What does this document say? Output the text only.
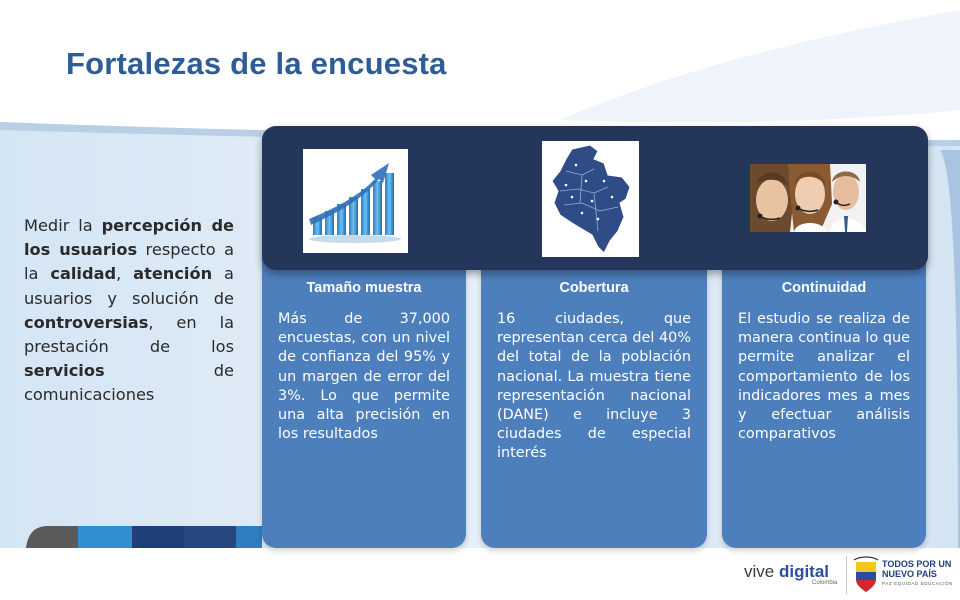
Fortalezas de la encuesta

Medir la percepción de los usuarios respecto a la calidad, atención a usuarios y solución de controversias, en la prestación de los servicios de comunicaciones

Tamaño muestra
Más de 37,000 encuestas, con un nivel de confianza del 95% y un margen de error del 3%. Lo que permite una alta precisión en los resultados
Cobertura
16 ciudades, que representan cerca del 40% del total de la población nacional. La muestra tiene representación nacional (DANE) e incluye 3 ciudades de especial interés
Continuidad
El estudio se realiza de manera continua lo que permite analizar el comportamiento de los indicadores mes a mes y efectuar análisis comparativos
vive digital
Colombia
TODOS POR UN
NUEVO PAÍS
PAZ EQUIDAD EDUCACIÓN
